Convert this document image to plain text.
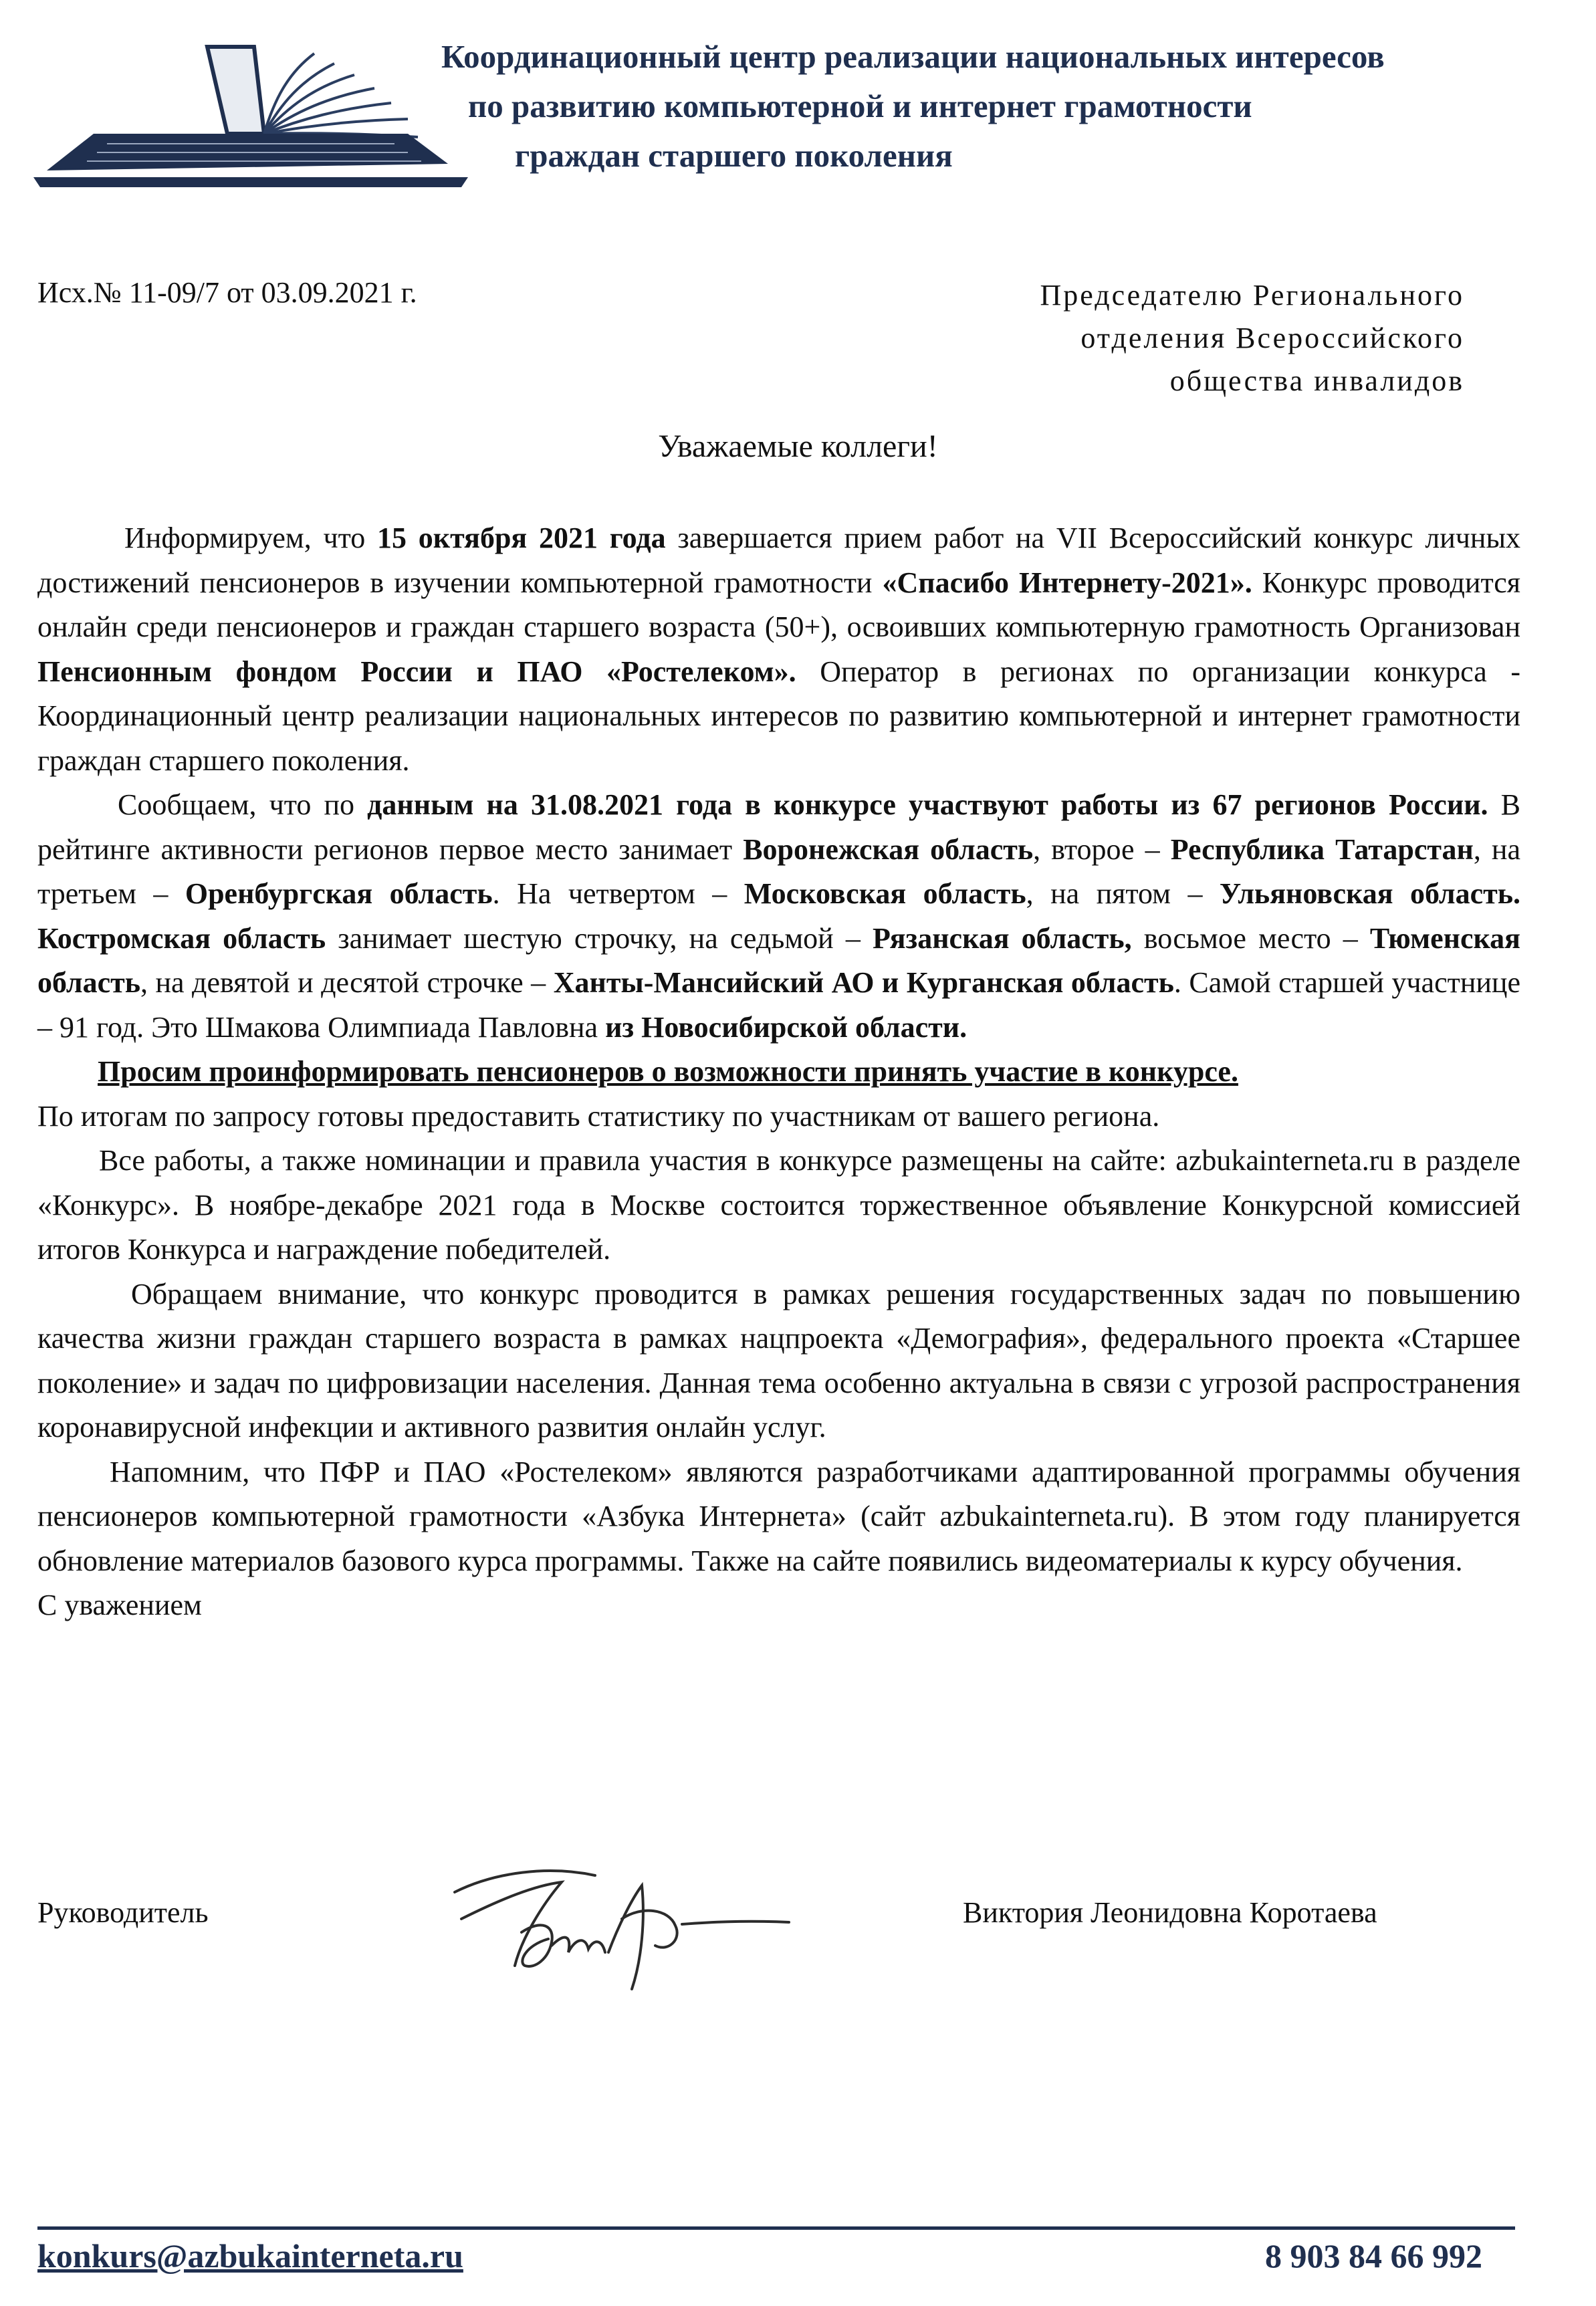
Координационный центр реализации национальных интересов
по развитию компьютерной и интернет грамотности
граждан старшего поколения
Исх.№ 11-09/7 от 03.09.2021 г.	Председателю Регионального
отделения Всероссийского
общества инвалидов
Уважаемые коллеги!

Информируем, что 15 октября 2021 года завершается прием работ на VII Всероссийский конкурс личных достижений пенсионеров в изучении компьютерной грамотности «Спасибо Интернету-2021». Конкурс проводится онлайн среди пенсионеров и граждан старшего возраста (50+), освоивших компьютерную грамотность Организован Пенсионным фондом России и ПАО «Ростелеком». Оператор в регионах по организации конкурса - Координационный центр реализации национальных интересов по развитию компьютерной и интернет грамотности граждан старшего поколения.

Сообщаем, что по данным на 31.08.2021 года в конкурсе участвуют работы из 67 регионов России. В рейтинге активности регионов первое место занимает Воронежская область, второе – Республика Татарстан, на третьем – Оренбургская область. На четвертом – Московская область, на пятом – Ульяновская область. Костромская область занимает шестую строчку, на седьмой – Рязанская область, восьмое место – Тюменская область, на девятой и десятой строчке – Ханты-Мансийский АО и Курганская область. Самой старшей участнице – 91 год. Это Шмакова Олимпиада Павловна из Новосибирской области.

Просим проинформировать пенсионеров о возможности принять участие в конкурсе.

По итогам по запросу готовы предоставить статистику по участникам от вашего региона.

Все работы, а также номинации и правила участия в конкурсе размещены на сайте: azbukainterneta.ru в разделе «Конкурс». В ноябре-декабре 2021 года в Москве состоится торжественное объявление Конкурсной комиссией итогов Конкурса и награждение победителей.

Обращаем внимание, что конкурс проводится в рамках решения государственных задач по повышению качества жизни граждан старшего возраста в рамках нацпроекта «Демография», федерального проекта «Старшее поколение» и задач по цифровизации населения. Данная тема особенно актуальна в связи с угрозой распространения коронавирусной инфекции и активного развития онлайн услуг.

Напомним, что ПФР и ПАО «Ростелеком» являются разработчиками адаптированной программы обучения пенсионеров компьютерной грамотности «Азбука Интернета» (сайт azbukainterneta.ru). В этом году планируется обновление материалов базового курса программы. Также на сайте появились видеоматериалы к курсу обучения.

С уважением

Руководитель	Виктория Леонидовна Коротаева
konkurs@azbukainterneta.ru	8 903 84 66 992
